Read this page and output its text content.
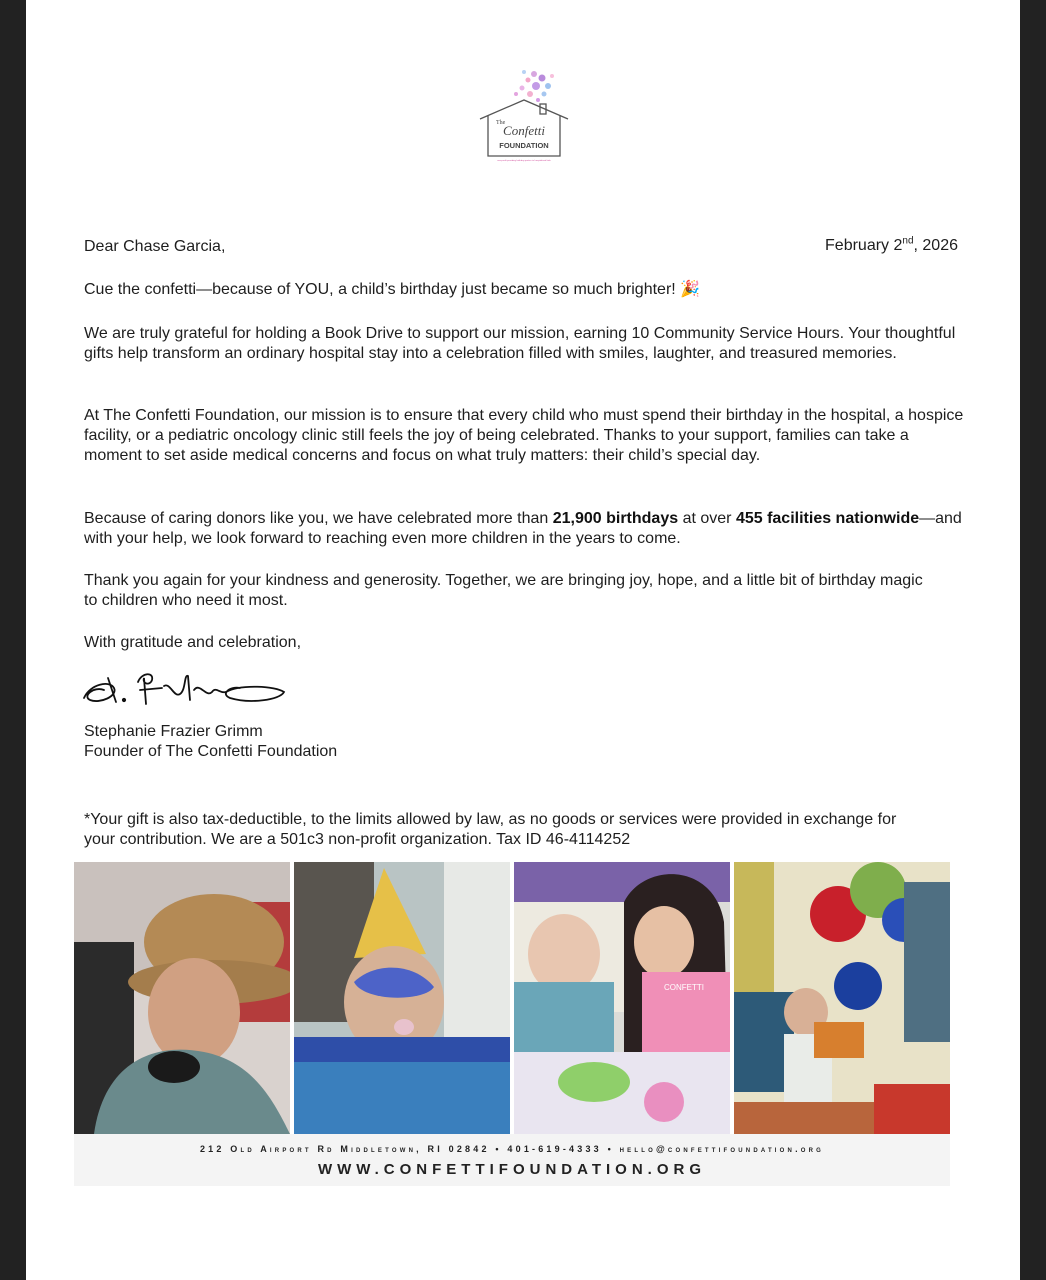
The
Confetti
FOUNDATION
non-profit providing birthday parties to hospitalized kids
Dear Chase Garcia,	February 2nd, 2026
Cue the confetti—because of YOU, a child’s birthday just became so much brighter! 🎉
We are truly grateful for holding a Book Drive to support our mission, earning 10 Community Service Hours. Your thoughtful gifts help transform an ordinary hospital stay into a celebration filled with smiles, laughter, and treasured memories.
At The Confetti Foundation, our mission is to ensure that every child who must spend their birthday in the hospital, a hospice facility, or a pediatric oncology clinic still feels the joy of being celebrated. Thanks to your support, families can take a moment to set aside medical concerns and focus on what truly matters: their child’s special day.
Because of caring donors like you, we have celebrated more than 21,900 birthdays at over 455 facilities nationwide—and with your help, we look forward to reaching even more children in the years to come.
Thank you again for your kindness and generosity. Together, we are bringing joy, hope, and a little bit of birthday magic to children who need it most.
With gratitude and celebration,
Stephanie Frazier Grimm
Founder of The Confetti Foundation
*Your gift is also tax-deductible, to the limits allowed by law, as no goods or services were provided in exchange for your contribution. We are a 501c3 non-profit organization. Tax ID 46-4114252
CONFETTI
212 Old Airport Rd Middletown, RI 02842 • 401-619-4333 • hello@confettifoundation.org
WWW.CONFETTIFOUNDATION.ORG
